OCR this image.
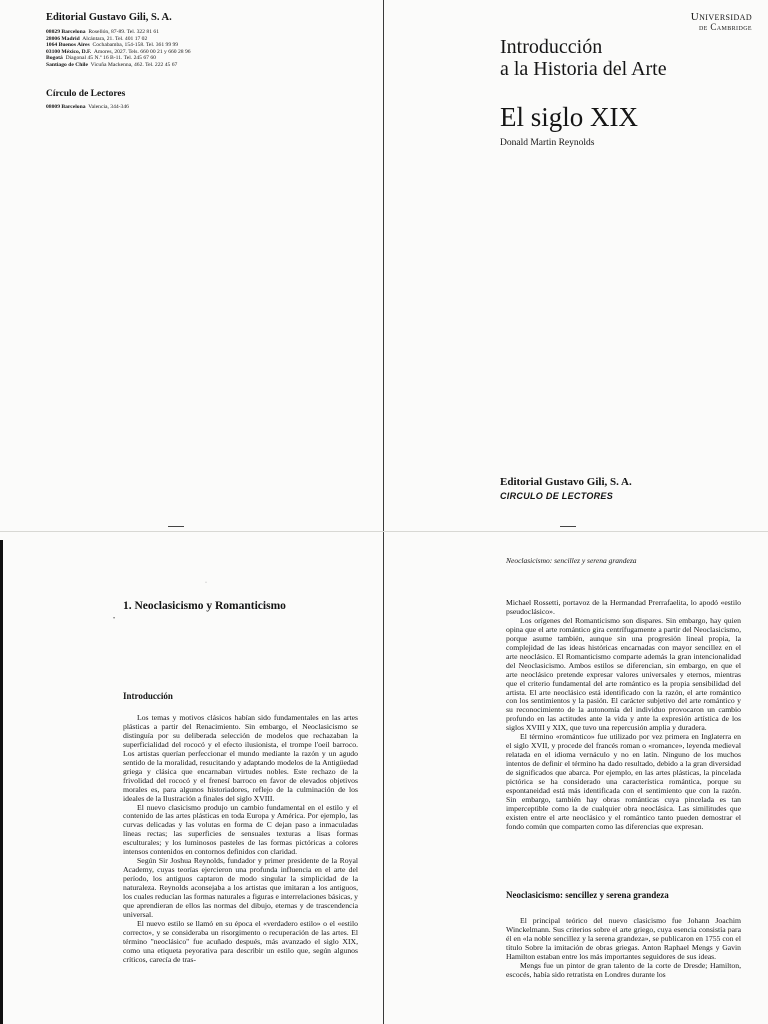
Editorial Gustavo Gili, S. A.
08029 Barcelona Rosellón, 87-89. Tel. 322 81 61
28006 Madrid Alcántara, 21. Tel. 401 17 02
1064 Buenos Aires Cochabamba, 154-158. Tel. 361 99 99
03100 México, D.F. Amores, 2027. Tels. 660 00 21 y 660 28 96
Bogotá Diagonal 45 N.º 16 B-11. Tel. 245 67 60
Santiago de Chile Vicuña Mackenna, 462. Tel. 222 45 67
Círculo de Lectores
08009 Barcelona Valencia, 344-346
Universidad
de Cambridge
Introducción
a la Historia del Arte
El siglo XIX
Donald Martin Reynolds
Editorial Gustavo Gili, S. A.
CIRCULO DE LECTORES
·
•
1. Neoclasicismo y Romanticismo
Introducción

Los temas y motivos clásicos habían sido fundamentales en las artes plásticas a partir del Renacimiento. Sin embargo, el Neoclasicismo se distinguía por su deliberada selección de modelos que rechazaban la superficialidad del rococó y el efecto ilusionista, el trompe l'oeil barroco. Los artistas querían perfeccionar el mundo mediante la razón y un agudo sentido de la moralidad, resucitando y adaptando modelos de la Antigüedad griega y clásica que encarnaban virtudes nobles. Este rechazo de la frivolidad del rococó y el frenesí barroco en favor de elevados objetivos morales es, para algunos historiadores, reflejo de la culminación de los ideales de la Ilustración a finales del siglo XVIII.

El nuevo clasicismo produjo un cambio fundamental en el estilo y el contenido de las artes plásticas en toda Europa y América. Por ejemplo, las curvas delicadas y las volutas en forma de C dejan paso a inmaculadas líneas rectas; las superficies de sensuales texturas a lisas formas esculturales; y los luminosos pasteles de las formas pictóricas a colores intensos contenidos en contornos definidos con claridad.

Según Sir Joshua Reynolds, fundador y primer presidente de la Royal Academy, cuyas teorías ejercieron una profunda influencia en el arte del período, los antiguos captaron de modo singular la simplicidad de la naturaleza. Reynolds aconsejaba a los artistas que imitaran a los antiguos, los cuales reducían las formas naturales a figuras e interrelaciones básicas, y que aprendieran de ellos las normas del dibujo, eternas y de trascendencia universal.

El nuevo estilo se llamó en su época el «verdadero estilo» o el «estilo correcto», y se consideraba un risorgimento o recuperación de las artes. El término "neoclásico" fue acuñado después, más avanzado el siglo XIX, como una etiqueta peyorativa para describir un estilo que, según algunos críticos, carecía de tras-

Neoclasicismo: sencillez y serena grandeza

Michael Rossetti, portavoz de la Hermandad Prerrafaelita, lo apodó «estilo pseudoclásico».

Los orígenes del Romanticismo son dispares. Sin embargo, hay quien opina que el arte romántico gira centrífugamente a partir del Neoclasicismo, porque asume también, aunque sin una progresión lineal propia, la complejidad de las ideas históricas encarnadas con mayor sencillez en el arte neoclásico. El Romanticismo comparte además la gran intencionalidad del Neoclasicismo. Ambos estilos se diferencian, sin embargo, en que el arte neoclásico pretende expresar valores universales y eternos, mientras que el criterio fundamental del arte romántico es la propia sensibilidad del artista. El arte neoclásico está identificado con la razón, el arte romántico con los sentimientos y la pasión. El carácter subjetivo del arte romántico y su reconocimiento de la autonomía del individuo provocaron un cambio profundo en las actitudes ante la vida y ante la expresión artística de los siglos XVIII y XIX, que tuvo una repercusión amplia y duradera.

El término «romántico» fue utilizado por vez primera en Inglaterra en el siglo XVII, y procede del francés roman o «romance», leyenda medieval relatada en el idioma vernáculo y no en latín. Ninguno de los muchos intentos de definir el término ha dado resultado, debido a la gran diversidad de significados que abarca. Por ejemplo, en las artes plásticas, la pincelada pictórica se ha considerado una característica romántica, porque su espontaneidad está más identificada con el sentimiento que con la razón. Sin embargo, también hay obras románticas cuya pincelada es tan imperceptible como la de cualquier obra neoclásica. Las similitudes que existen entre el arte neoclásico y el romántico tanto pueden demostrar el fondo común que comparten como las diferencias que expresan.

Neoclasicismo: sencillez y serena grandeza

El principal teórico del nuevo clasicismo fue Johann Joachim Winckelmann. Sus criterios sobre el arte griego, cuya esencia consistía para él en «la noble sencillez y la serena grandeza», se publicaron en 1755 con el título Sobre la imitación de obras griegas. Anton Raphael Mengs y Gavin Hamilton estaban entre los más importantes seguidores de sus ideas.

Mengs fue un pintor de gran talento de la corte de Dresde; Hamilton, escocés, había sido retratista en Londres durante los
